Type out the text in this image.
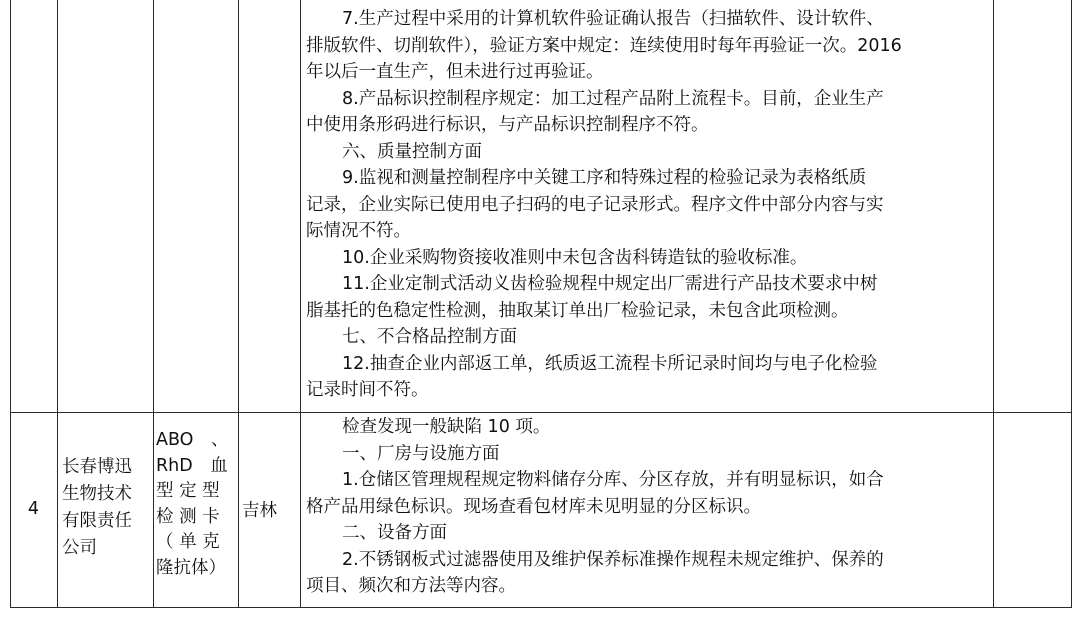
7.生产过程中采用的计算机软件验证确认报告（扫描软件、设计软件、
排版软件、切削软件），验证方案中规定：连续使用时每年再验证一次。2016
年以后一直生产，但未进行过再验证。
8.产品标识控制程序规定：加工过程产品附上流程卡。目前，企业生产
中使用条形码进行标识，与产品标识控制程序不符。
六、质量控制方面
9.监视和测量控制程序中关键工序和特殊过程的检验记录为表格纸质
记录，企业实际已使用电子扫码的电子记录形式。程序文件中部分内容与实
际情况不符。
10.企业采购物资接收准则中未包含齿科铸造钛的验收标准。
11.企业定制式活动义齿检验规程中规定出厂需进行产品技术要求中树
脂基托的色稳定性检测，抽取某订单出厂检验记录，未包含此项检测。
七、不合格品控制方面
12.抽查企业内部返工单，纸质返工流程卡所记录时间均与电子化检验
记录时间不符。
4
长春博迅
生物技术
有限责任
公司
ABO　、
RhD　血
型 定 型
检 测 卡
（ 单 克
隆抗体）
吉林
检查发现一般缺陷 10 项。
一、厂房与设施方面
1.仓储区管理规程规定物料储存分库、分区存放，并有明显标识，如合
格产品用绿色标识。现场查看包材库未见明显的分区标识。
二、设备方面
2.不锈钢板式过滤器使用及维护保养标准操作规程未规定维护、保养的
项目、频次和方法等内容。
